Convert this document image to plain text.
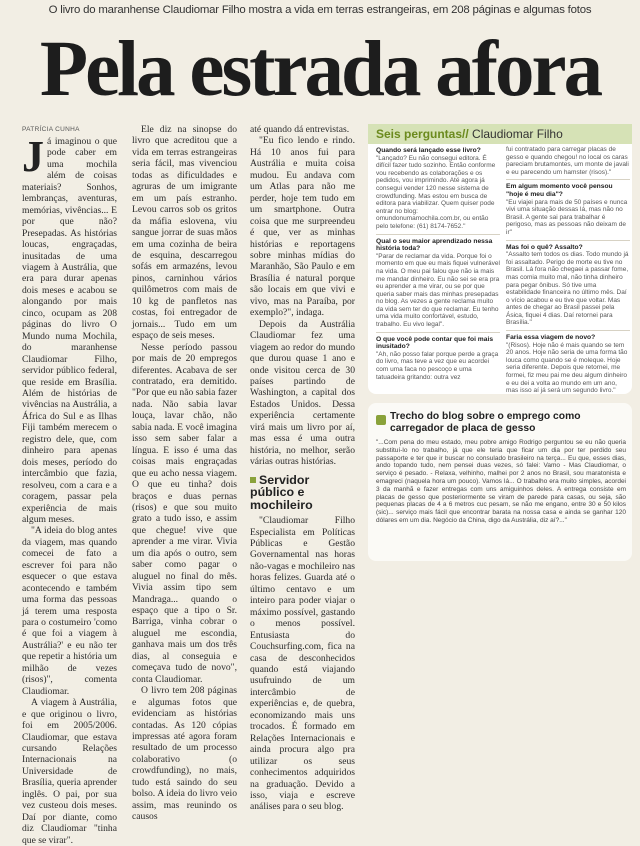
O livro do maranhense Claudiomar Filho mostra a vida em terras estrangeiras, em 208 páginas e algumas fotos
Pela estrada afora
PATRÍCIA CUNHA

Já imaginou o que pode caber em uma mochila além de coisas materiais? Sonhos, lembranças, aventuras, memórias, vivências... E por que não? Presepadas. As histórias loucas, engraçadas, inusitadas de uma viagem à Austrália, que era para durar apenas dois meses e acabou se alongando por mais cinco, ocupam as 208 páginas do livro O Mundo numa Mochila, do maranhense Claudiomar Filho, servidor público federal, que reside em Brasília. Além de histórias de vivências na Austrália, a África do Sul e as Ilhas Fiji também merecem o registro dele, que, com dinheiro para apenas dois meses, período do intercâmbio que fazia, resolveu, com a cara e a coragem, passar pela experiência de mais algum meses.

"A ideia do blog antes da viagem, mas quando comecei de fato a escrever foi para não esquecer o que estava acontecendo e também uma forma das pessoas já terem uma resposta para o costumeiro 'como é que foi a viagem à Austrália?' e eu não ter que repetir a história um milhão de vezes (risos)", comenta Claudiomar.

A viagem à Austrália, e que originou o livro, foi em 2005/2006. Claudiomar, que estava cursando Relações Internacionais na Universidade de Brasília, queria aprender inglês. O pai, por sua vez custeou dois meses. Daí por diante, como diz Claudiomar "tinha que se virar".

Ele diz na sinopse do livro que acreditou que a vida em terras estrangeiras seria fácil, mas vivenciou todas as dificuldades e agruras de um imigrante em um país estranho. Levou carros sob os gritos da máfia eslovena, viu sangue jorrar de suas mãos em uma cozinha de beira de esquina, descarregou sofás em armazéns, levou pinos, carninhou vários quilômetros com mais de 10 kg de panfletos nas costas, foi entregador de jornais... Tudo em um espaço de seis meses.

Nesse período passou por mais de 20 empregos diferentes. Acabava de ser contratado, era demitido. "Por que eu não sabia fazer nada. Não sabia lavar louça, lavar chão, não sabia nada. E você imagina isso sem saber falar a língua. E isso é uma das coisas mais engraçadas que eu acho nessa viagem. O que eu tinha? dois braços e duas pernas (risos) e que sou muito grato a tudo isso, e assim que chegue! vive que aprender a me virar. Vivia um dia após o outro, sem saber como pagar o aluguel no final do mês. Vivia assim tipo sem Mandraga... quando o espaço que a tipo o Sr. Barriga, vinha cobrar o aluguel me escondia, ganhava mais um dos três dias, al conseguia e começava tudo de novo", conta Claudiomar.

O livro tem 208 páginas e algumas fotos que evidenciam as histórias contadas. As 120 cópias impressas até agora foram resultado de um processo colaborativo (o crowdfunding), no mais, tudo está saindo do seu bolso. A ideia do livro veio assim, mas reunindo os causos

até quando dá entrevistas.

"Eu fico lendo e rindo. Há 10 anos fui para Austrália e muita coisa mudou. Eu andava com um Atlas para não me perder, hoje tem tudo em um smartphone. Outra coisa que me surpreendeu é que, ver as minhas histórias e reportagens sobre minhas mídias do Maranhão, São Paulo e em Brasília é natural porque são locais em que vivi e vivo, mas na Paraíba, por exemplo?", indaga.

Depois da Austrália Claudiomar fez uma viagem ao redor do mundo que durou quase 1 ano e onde visitou cerca de 30 países partindo de Washington, a capital dos Estados Unidos. Dessa experiência certamente virá mais um livro por aí, mas essa é uma outra história, no melhor, serão várias outras histórias.

Servidor público e mochileiro

"Claudiomar Filho Especialista em Políticas Públicas e Gestão Governamental nas horas não-vagas e mochileiro nas horas felizes. Guarda até o último centavo e um inteiro para poder viajar o máximo possível, gastando o menos possível. Entusiasta do Couchsurfing.com, fica na casa de desconhecidos quando está viajando usufruindo de um intercâmbio de experiências e, de quebra, economizando mais uns trocados. É formado em Relações Internacionais e ainda procura algo pra utilizar os seus conhecimentos adquiridos na graduação. Devido a isso, viaja e escreve análises para o seu blog.

Seis perguntas// Claudiomar Filho
Quando será lançado esse livro?
"Lançado? Eu não consegui editora. É difícil fazer tudo sozinho. Então conforme vou recebendo as colaborações e os pedidos, vou imprimindo. Até agora já consegui vender 120 nesse sistema de crowdfunding. Mas estou em busca de editora para viabilizar. Quem quiser pode entrar no blog: omundonumamochila.com.br, ou então pelo telefone: (61) 8174-7652."
Qual o seu maior aprendizado nessa história toda?
"Parar de reclamar da vida. Porque foi o momento em que eu mais fiquei vulnerável na vida. O meu pai falou que não ia mais me mandar dinheiro. Eu não sei se era pra eu aprender a me virar, ou se por que queria saber mais das minhas presepadas no blog. As vezes a gente reclama muito da vida sem ter do que reclamar. Eu tenho uma vida muito confortável, estudo, trabalho. Eu vivo legal".
O que você pode contar que foi mais inusitado?
"Ah, não posso falar porque perde a graça do livro, mas teve a vez que eu acordei com uma faca no pescoço e uma tatuadeira gritando: outra vez
fui contratado para carregar placas de gesso e quando chegou! no local os caras pareciam brutamontes, um monte de javali e eu parecendo um hamster (risos)."
Em algum momento você pensou "hoje é meu dia"?
"Eu viajei para mais de 50 países e nunca vivi uma situação dessas lá, mas não no Brasil. A gente sai para trabalhar é perigoso, mas as pessoas não deixam de ir"
Mas foi o quê? Assalto?
"Assalto tem todos os dias. Todo mundo já foi assaltado. Perigo de morte eu tive no Brasil. Lá fora não chegaei a passar fome, mas comia muito mal, não tinha dinheiro para pegar ônibus. Só tive uma estabilidade financeira no último mês. Daí o vício acabou e eu tive que voltar. Mas antes de chegar ao Brasil passei pela Ásica, fiquei 4 dias. Daí retornei para Brasília."
Faria essa viagem de novo?
"(Risos). Hoje não é mais quando se tem 20 anos. Hoje não seria de uma forma tão louca como quando se é moleque. Hoje seria diferente. Depois que retornei, me formei, fiz meu pai me deu algum dinheiro e eu dei a volta ao mundo em um ano, mas isso aí já será um segundo livro."
Trecho do blog sobre o emprego como carregador de placa de gesso
"...Com pena do meu estado, meu pobre amigo Rodrigo perguntou se eu não queria substituí-lo no trabalho, já que ele teria que ficar um dia por ter perdido seu passaporte e ter que ir buscar no consulado brasileiro na terça... Eu que, esses dias, ando topando tudo, nem pensei duas vezes, só falei: Vamo - Mas Claudiomar, o serviço é pesado. - Relaxa, velhinho, malhei por 2 anos no Brasil, sou maratonista e emagreci (naquela hora um pouco). Vamos lá... O trabalho era muito simples, acordei 3 da manhã e fazer entregas com uns amiguinhos deles. A entrega consiste em placas de gesso que posteriormente se viram de parede para casas, ou seja, são pequenas placas de 4 a 6 metros cuc pesam, se não me engano, entre 30 e 50 kilos (sic)... serviço mais fácil que encontrar barata na nossa casa e ainda se ganhar 120 dólares em um dia. Negócio da China, digo da Austrália, diz aí?..."
